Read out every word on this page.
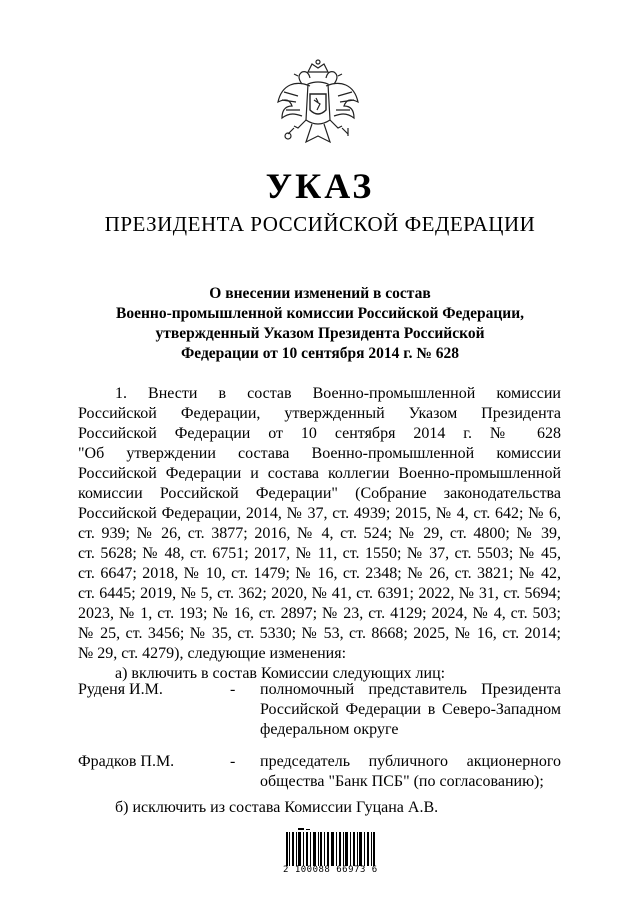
УКАЗ
ПРЕЗИДЕНТА РОССИЙСКОЙ ФЕДЕРАЦИИ
О внесении изменений в состав
Военно-промышленной комиссии Российской Федерации,
утвержденный Указом Президента Российской
Федерации от 10 сентября 2014 г. № 628
1. Внести в состав Военно-промышленной комиссии
Российской Федерации, утвержденный Указом Президента
Российской Федерации от 10 сентября 2014 г. № 628
"Об утверждении состава Военно-промышленной комиссии
Российской Федерации и состава коллегии Военно-промышленной
комиссии Российской Федерации" (Собрание законодательства
Российской Федерации, 2014, № 37, ст. 4939; 2015, № 4, ст. 642; № 6,
ст. 939; № 26, ст. 3877; 2016, № 4, ст. 524; № 29, ст. 4800; № 39,
ст. 5628; № 48, ст. 6751; 2017, № 11, ст. 1550; № 37, ст. 5503; № 45,
ст. 6647; 2018, № 10, ст. 1479; № 16, ст. 2348; № 26, ст. 3821; № 42,
ст. 6445; 2019, № 5, ст. 362; 2020, № 41, ст. 6391; 2022, № 31, ст. 5694;
2023, № 1, ст. 193; № 16, ст. 2897; № 23, ст. 4129; 2024, № 4, ст. 503;
№ 25, ст. 3456; № 35, ст. 5330; № 53, ст. 8668; 2025, № 16, ст. 2014;
№ 29, ст. 4279), следующие изменения:
а) включить в состав Комиссии следующих лиц:
Руденя И.М.	- полномочный представитель Президента
Российской Федерации в Северо-Западном
федеральном округе
Фрадков П.М.	- председатель публичного акционерного
общества "Банк ПСБ" (по согласованию);
б) исключить из состава Комиссии Гуцана А.В.
2 100088 66973 6
